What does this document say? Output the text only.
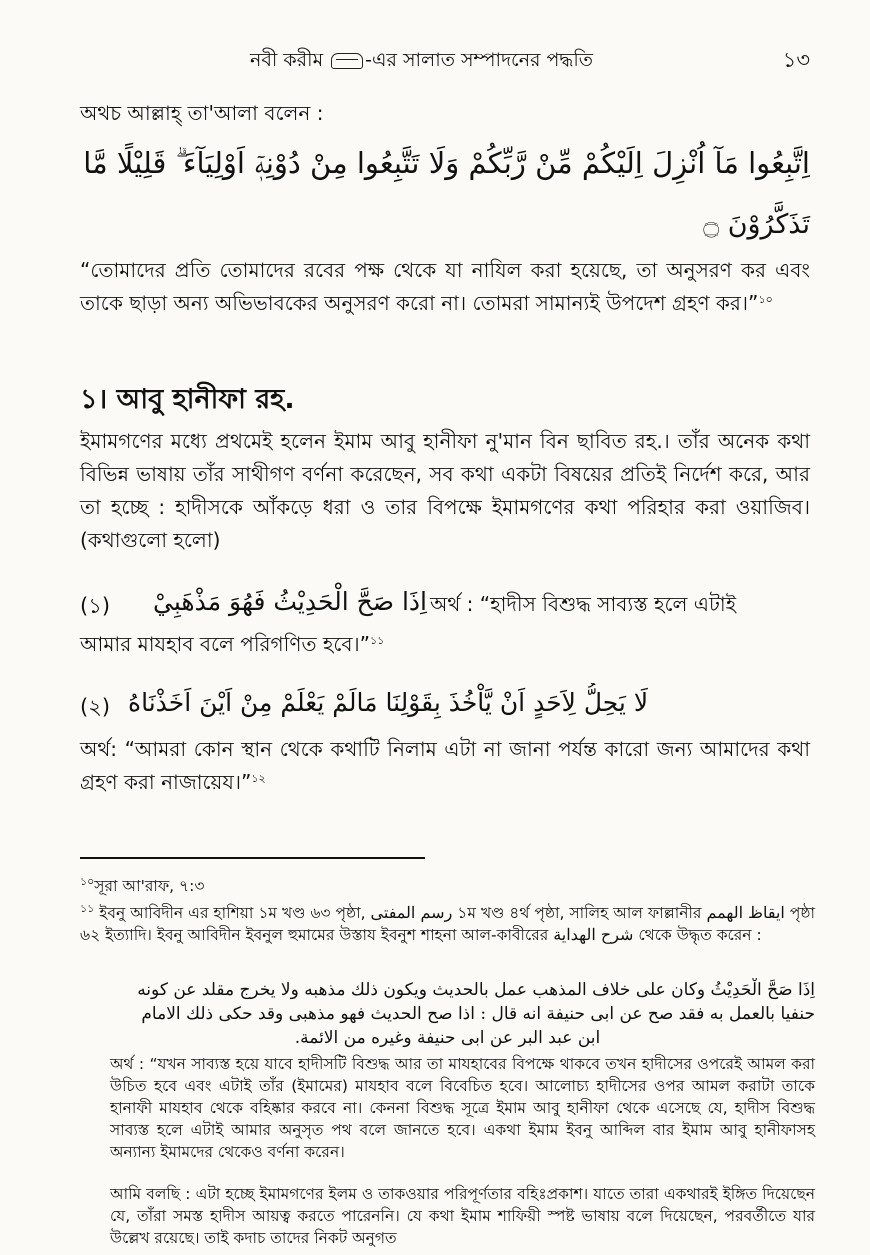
নবী করীম -এর সালাত সম্পাদনের পদ্ধতি	১৩
অথচ আল্লাহ্ তা'আলা বলেন :
اِتَّبِعُوا مَآ اُنْزِلَ اِلَيْكُمْ مِّنْ رَّبِّكُمْ وَلَا تَتَّبِعُوا مِنْ دُوْنِهٖٓ اَوْلِيَآءَ ۗ قَلِيْلًا مَّا
تَذَكَّرُوْنَ ۝
“তোমাদের প্রতি তোমাদের রবের পক্ষ থেকে যা নাযিল করা হয়েছে, তা অনুসরণ কর এবং তাকে ছাড়া অন্য অভিভাবকের অনুসরণ করো না। তোমরা সামান্যই উপদেশ গ্রহণ কর।”$^{১০}$
১। আবু হানীফা রহ.
ইমামগণের মধ্যে প্রথমেই হলেন ইমাম আবু হানীফা নু'মান বিন ছাবিত রহ.। তাঁর অনেক কথা বিভিন্ন ভাষায় তাঁর সাথীগণ বর্ণনা করেছেন, সব কথা একটা বিষয়ের প্রতিই নির্দেশ করে, আর তা হচ্ছে : হাদীসকে আঁকড়ে ধরা ও তার বিপক্ষে ইমামগণের কথা পরিহার করা ওয়াজিব। (কথাগুলো হলো)
(১)	اِذَا صَحَّ الْحَدِيْثُ فَهُوَ مَذْهَبِيْ অর্থ : “হাদীস বিশুদ্ধ সাব্যস্ত হলে এটাই
আমার মাযহাব বলে পরিগণিত হবে।”$^{১১}$
(২) لَا يَحِلُّ لِاَحَدٍ اَنْ يَّاْخُذَ بِقَوْلِنَا مَالَمْ يَعْلَمْ مِنْ اَيْنَ اَخَذْنَاهُ
অর্থ: “আমরা কোন স্থান থেকে কথাটি নিলাম এটা না জানা পর্যন্ত কারো জন্য আমাদের কথা গ্রহণ করা নাজায়েয।”$^{১২}$
$^{১০}$সূরা আ'রাফ, ৭:৩
$^{১১}$ ইবনু আবিদীন এর হাশিয়া ১ম খণ্ড ৬৩ পৃষ্ঠা, رسم المفتى ১ম খণ্ড ৪র্থ পৃষ্ঠা, সালিহ আল ফাল্লানীর ايقاظ الهمم পৃষ্ঠা ৬২ ইত্যাদি। ইবনু আবিদীন ইবনুল হুমামের উস্তায ইবনুশ শাহনা আল-কাবীরের شرح الهداية থেকে উদ্ধৃত করেন :
اِذَا صَحَّ الْحَدِيْثُ وكان على خلاف المذهب عمل بالحديث ويكون ذلك مذهبه ولا يخرج مقلد عن كونه
حنفيا بالعمل به فقد صح عن ابى حنيفة انه قال : اذا صح الحديث فهو مذهبى وقد حكى ذلك الامام
ابن عبد البر عن ابى حنيفة وغيره من الائمة.
অর্থ : “যখন সাব্যস্ত হয়ে যাবে হাদীসটি বিশুদ্ধ আর তা মাযহাবের বিপক্ষে থাকবে তখন হাদীসের ওপরেই আমল করা উচিত হবে এবং এটাই তাঁর (ইমামের) মাযহাব বলে বিবেচিত হবে। আলোচ্য হাদীসের ওপর আমল করাটা তাকে হানাফী মাযহাব থেকে বহিষ্কার করবে না। কেননা বিশুদ্ধ সূত্রে ইমাম আবু হানীফা থেকে এসেছে যে, হাদীস বিশুদ্ধ সাব্যস্ত হলে এটাই আমার অনুসৃত পথ বলে জানতে হবে। একথা ইমাম ইবনু আব্দিল বার ইমাম আবু হানীফাসহ অন্যান্য ইমামদের থেকেও বর্ণনা করেন।
আমি বলছি : এটা হচ্ছে ইমামগণের ইলম ও তাকওয়ার পরিপূর্ণতার বহিঃপ্রকাশ। যাতে তারা একথারই ইঙ্গিত দিয়েছেন যে, তাঁরা সমস্ত হাদীস আয়ত্ব করতে পারেননি। যে কথা ইমাম শাফিয়ী স্পষ্ট ভাষায় বলে দিয়েছেন, পরবর্তীতে যার উল্লেখ রয়েছে। তাই কদাচ তাদের নিকট অনুগত
